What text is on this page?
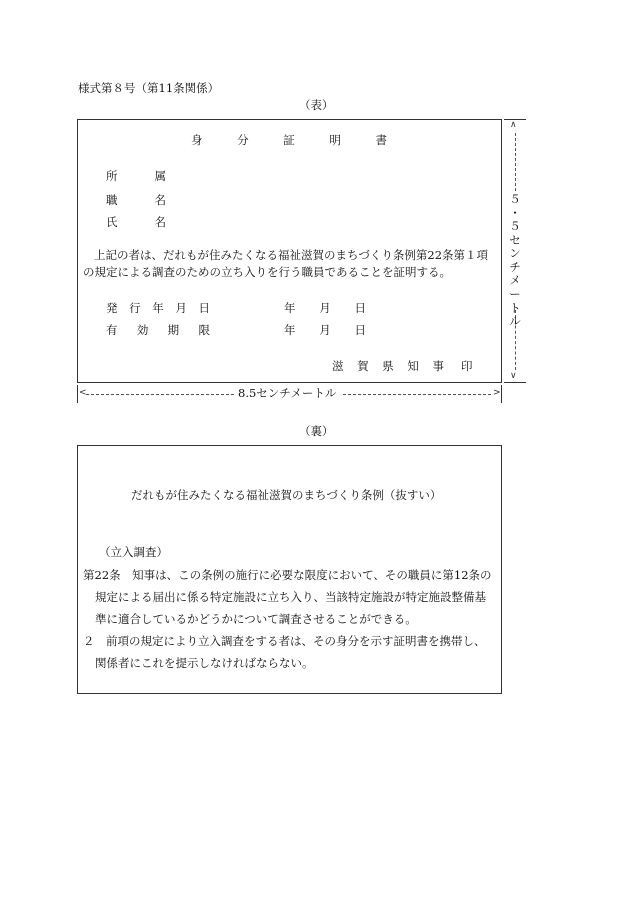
様式第８号（第11条関係）
（表）
身	分	証	明	書
所	属
職	名
氏	名
上記の者は、だれもが住みたくなる福祉滋賀のまちづくり条例第22条第１項
の規定による調査のための立ち入りを行う職員であることを証明する。
発 行 年 月 日	年 月 日
有 効 期 限	年 月 日
滋 賀 県 知 事 印
∧
∨
５
・
５
セ
ン
チ
メ
ー
ト
ル
<	>
8.5センチメートル
（裏）
だれもが住みたくなる福祉滋賀のまちづくり条例（抜すい）
（立入調査）
第22条　知事は、この条例の施行に必要な限度において、その職員に第12条の
規定による届出に係る特定施設に立ち入り、当該特定施設が特定施設整備基
準に適合しているかどうかについて調査させることができる。
２　前項の規定により立入調査をする者は、その身分を示す証明書を携帯し、
関係者にこれを提示しなければならない。
